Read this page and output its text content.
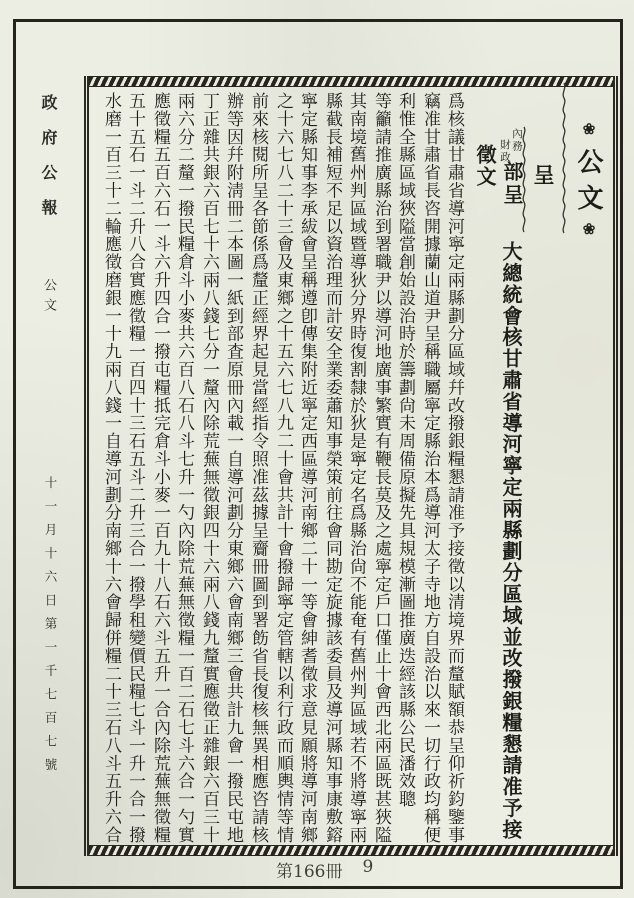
政府公報
公文
十一月十六日第一千七百七號
❀公文❀
呈
內務
財政
部呈
大總統會核甘肅省導河寧定兩縣劃分區域並改撥銀糧懇請准予接
徵文
爲核議甘肅省導河寧定兩縣劃分區域幷改撥銀糧懇請准予接徵以清境界而釐賦額恭呈仰祈鈞鑒事
竊准甘肅省長咨開據蘭山道尹呈稱職屬寧定縣治本爲導河太子寺地方自設治以來一切行政均稱便
利惟全縣區域狹隘當創始設治時於籌劃尙未周備原擬先具規模漸圖推廣迭經該縣公民潘效聰
等籲請推廣縣治到署職尹以導河地廣事繁實有鞭長莫及之處寧定戶口僅止十會西北兩區既甚狹隘
其南境舊州判區域暨導狄分界時復割隸於狄是寧定名爲縣治尙不能奄有舊州判區域若不將導寧兩
縣截長補短不足以資治理而計安全業委蕭知事榮策前往會同勘定旋據該委員及導河縣知事康敷鎔
寧定縣知事李承紱會呈稱遵卽傳集附近寧定西區導河南鄉二十一等會紳耆徵求意見願將導河南鄉
之十六七八二十三會及東鄉之十五六七八九二十會共計十會撥歸寧定管轄以利行政而順輿情等情
前來核閱所呈各節係爲釐正經界起見當經指令照准茲據呈齎冊圖到署飭省長復核無異相應咨請核
辦等因幷附淸冊二本圖一紙到部査原冊內載一自導河劃分東鄉六會南鄉三會共計九會一撥民屯地
丁正雜共銀六百七十六兩八錢七分一釐內除荒蕪無徵銀四十六兩八錢九釐實應徵正雜銀六百三十
兩六分二釐一撥民糧倉斗小麥共六百八石八斗七升一勺內除荒蕪無徵糧一百二石七斗六合一勺實
應徵糧五百六石一斗六升四合一撥屯糧抵完倉斗小麥一百九十八石六斗五升一合內除荒蕪無徵糧
五十五石一斗二升八合實應徵糧一百四十三石五斗二升三合一撥學租變價民糧七斗一升一合一撥
水磨一百三十二輪應徵磨銀一十九兩八錢一自導河劃分南鄉十六會歸併糧二十三石八斗五升六合
第166冊 9
